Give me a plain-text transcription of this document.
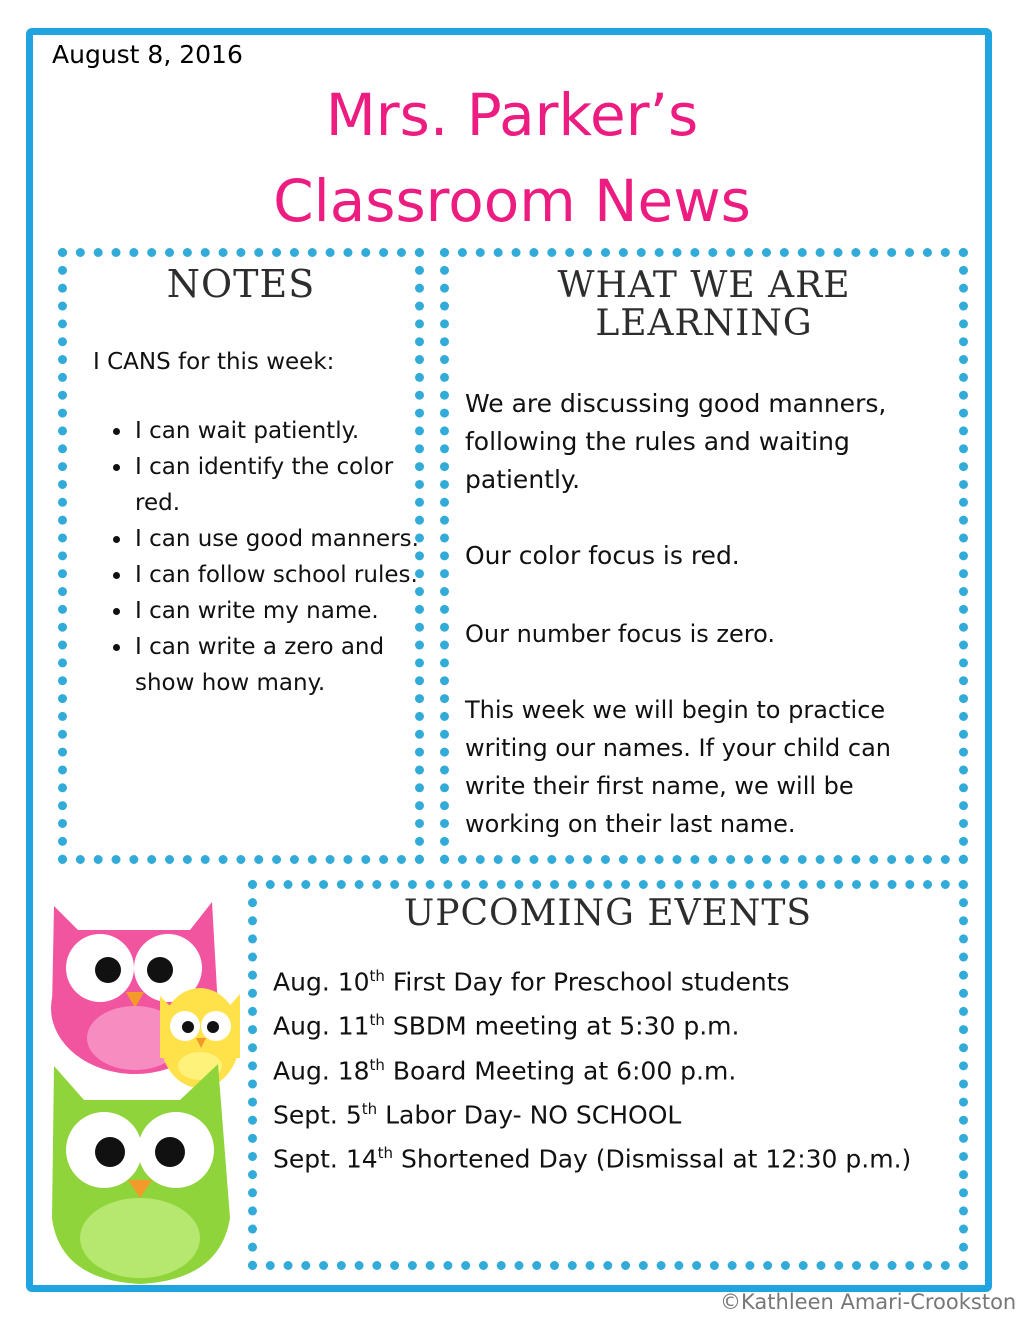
August 8, 2016
Mrs. Parker’s
Classroom News
NOTES
I CANS for this week:
• I can wait patiently.
• I can identify the color red.
• I can use good manners.
• I can follow school rules.
• I can write my name.
• I can write a zero and show how many.
WHAT WE ARE
LEARNING
We are discussing good manners, following the rules and waiting patiently.
Our color focus is red.
Our number focus is zero.
This week we will begin to practice writing our names. If your child can write their first name, we will be working on their last name.
UPCOMING EVENTS
Aug. 10th First Day for Preschool students
Aug. 11th SBDM meeting at 5:30 p.m.
Aug. 18th Board Meeting at 6:00 p.m.
Sept. 5th Labor Day- NO SCHOOL
Sept. 14th Shortened Day (Dismissal at 12:30 p.m.)
©Kathleen Amari-Crookston
